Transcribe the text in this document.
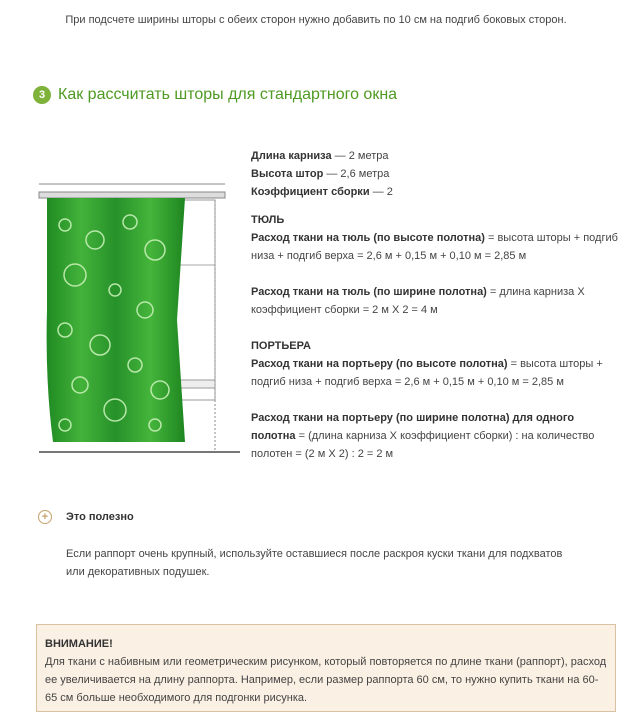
При подсчете ширины шторы с обеих сторон нужно добавить по 10 см на подгиб боковых сторон.
3 Как рассчитать шторы для стандартного окна

Длина карниза — 2 метра

Высота штор — 2,6 метра

Коэффициент сборки — 2

ТЮЛЬ

Расход ткани на тюль (по высоте полотна) = высота шторы + подгиб низа + подгиб верха = 2,6 м + 0,15 м + 0,10 м = 2,85 м

Расход ткани на тюль (по ширине полотна) = длина карниза Х коэффициент сборки = 2 м Х 2 = 4 м

ПОРТЬЕРА

Расход ткани на портьеру (по высоте полотна) = высота шторы + подгиб низа + подгиб верха = 2,6 м + 0,15 м + 0,10 м = 2,85 м

Расход ткани на портьеру (по ширине полотна) для одного полотна = (длина карниза Х коэффициент сборки) : на количество полотен = (2 м Х 2) : 2 = 2 м

+	Это полезно
Если раппорт очень крупный, используйте оставшиеся после раскроя куски ткани для подхватов или декоративных подушек.
ВНИМАНИЕ!
Для ткани с набивным или геометрическим рисунком, который повторяется по длине ткани (раппорт), расход ее увеличивается на длину раппорта. Например, если размер раппорта 60 см, то нужно купить ткани на 60-65 см больше необходимого для подгонки рисунка.
